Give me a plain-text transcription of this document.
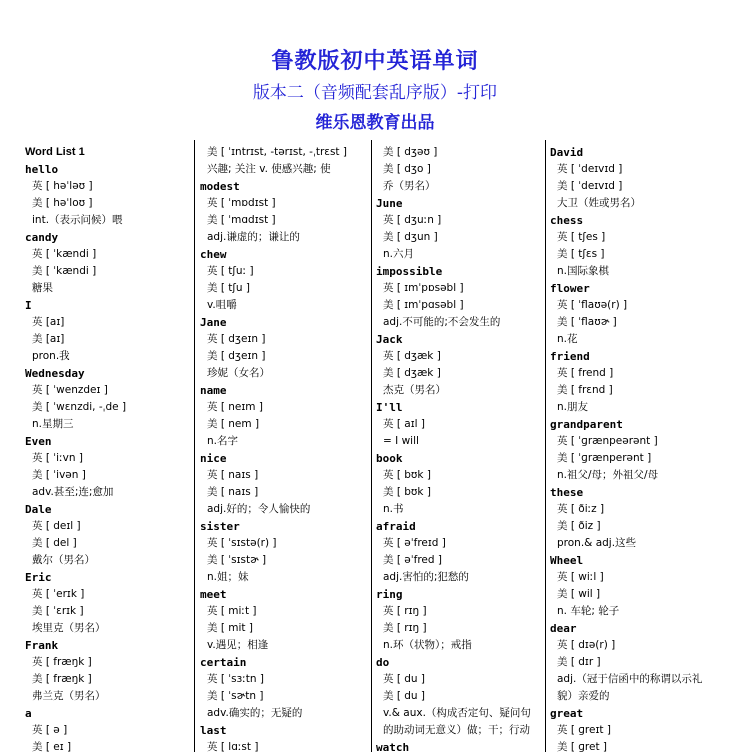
鲁教版初中英语单词
版本二（音频配套乱序版）-打印
维乐恩教育出品
Word List 1
hello
英 [ həˈləʊ ]
美 [ həˈloʊ ]
int.（表示问候）喂
candy
英 [ ˈkændi ]
美 [ ˈkændi ]
糖果
I
英 [aɪ]
美 [aɪ]
pron.我
Wednesday
英 [ ˈwenzdeɪ ]
美 [ ˈwɛnzdi, -ˌde ]
n.星期三
Even
英 [ ˈiːvn ]
美 [ ˈivən ]
adv.甚至;连;愈加
Dale
英 [ deɪl ]
美 [ del ]
戴尔（男名）
Eric
英 [ ˈerɪk ]
美 [ ˈɛrɪk ]
埃里克（男名）
Frank
英 [ fræŋk ]
美 [ fræŋk ]
弗兰克（男名）
a
英 [ ə ]
美 [ eɪ ]
美 [ ˈɪntrɪst, -tərɪst, -ˌtrɛst ]
兴趣; 关注 v. 使感兴趣; 使
modest
英 [ ˈmɒdɪst ]
美 [ ˈmɑdɪst ]
adj.谦虚的；谦让的
chew
英 [ tʃuː ]
美 [ tʃu ]
v.咀嚼
Jane
英 [ dʒeɪn ]
美 [ dʒeɪn ]
珍妮（女名）
name
英 [ neɪm ]
美 [ nem ]
n.名字
nice
英 [ naɪs ]
美 [ naɪs ]
adj.好的；令人愉快的
sister
英 [ ˈsɪstə(r) ]
美 [ ˈsɪstɚ ]
n.姐；妹
meet
英 [ miːt ]
美 [ mit ]
v.遇见；相逢
certain
英 [ ˈsɜːtn ]
美 [ ˈsɚtn ]
adv.确实的；无疑的
last
英 [ lɑːst ]
美 [ dʒəʊ ]
美 [ dʒo ]
乔（男名）
June
英 [ dʒuːn ]
美 [ dʒun ]
n.六月
impossible
英 [ ɪmˈpɒsəbl ]
美 [ ɪmˈpɑsəbl ]
adj.不可能的;不会发生的
Jack
英 [ dʒæk ]
美 [ dʒæk ]
杰克（男名）
I'll
英 [ aɪl ]
= I will
book
英 [ bʊk ]
美 [ bʊk ]
n.书
afraid
英 [ əˈfreɪd ]
美 [ əˈfred ]
adj.害怕的;犯愁的
ring
英 [ rɪŋ ]
美 [ rɪŋ ]
n.环（状物）；戒指
do
英 [ du ]
美 [ du ]
v.& aux.（构成否定句、疑问句
的助动词无意义）做；干；行动
watch
David
英 [ ˈdeɪvɪd ]
美 [ ˈdeɪvɪd ]
大卫（姓或男名）
chess
英 [ tʃes ]
美 [ tʃɛs ]
n.国际象棋
flower
英 [ ˈflaʊə(r) ]
美 [ ˈflaʊɚ ]
n.花
friend
英 [ frend ]
美 [ frɛnd ]
n.朋友
grandparent
英 [ ˈɡrænpeərənt ]
美 [ ˈɡrænperənt ]
n.祖父/母；外祖父/母
these
英 [ ðiːz ]
美 [ ðiz ]
pron.& adj.这些
Wheel
英 [ wiːl ]
美 [ wil ]
n. 车轮; 轮子
dear
英 [ dɪə(r) ]
美 [ dɪr ]
adj.（冠于信函中的称谓以示礼
貌）亲爱的
great
英 [ ɡreɪt ]
美 [ ɡret ]
